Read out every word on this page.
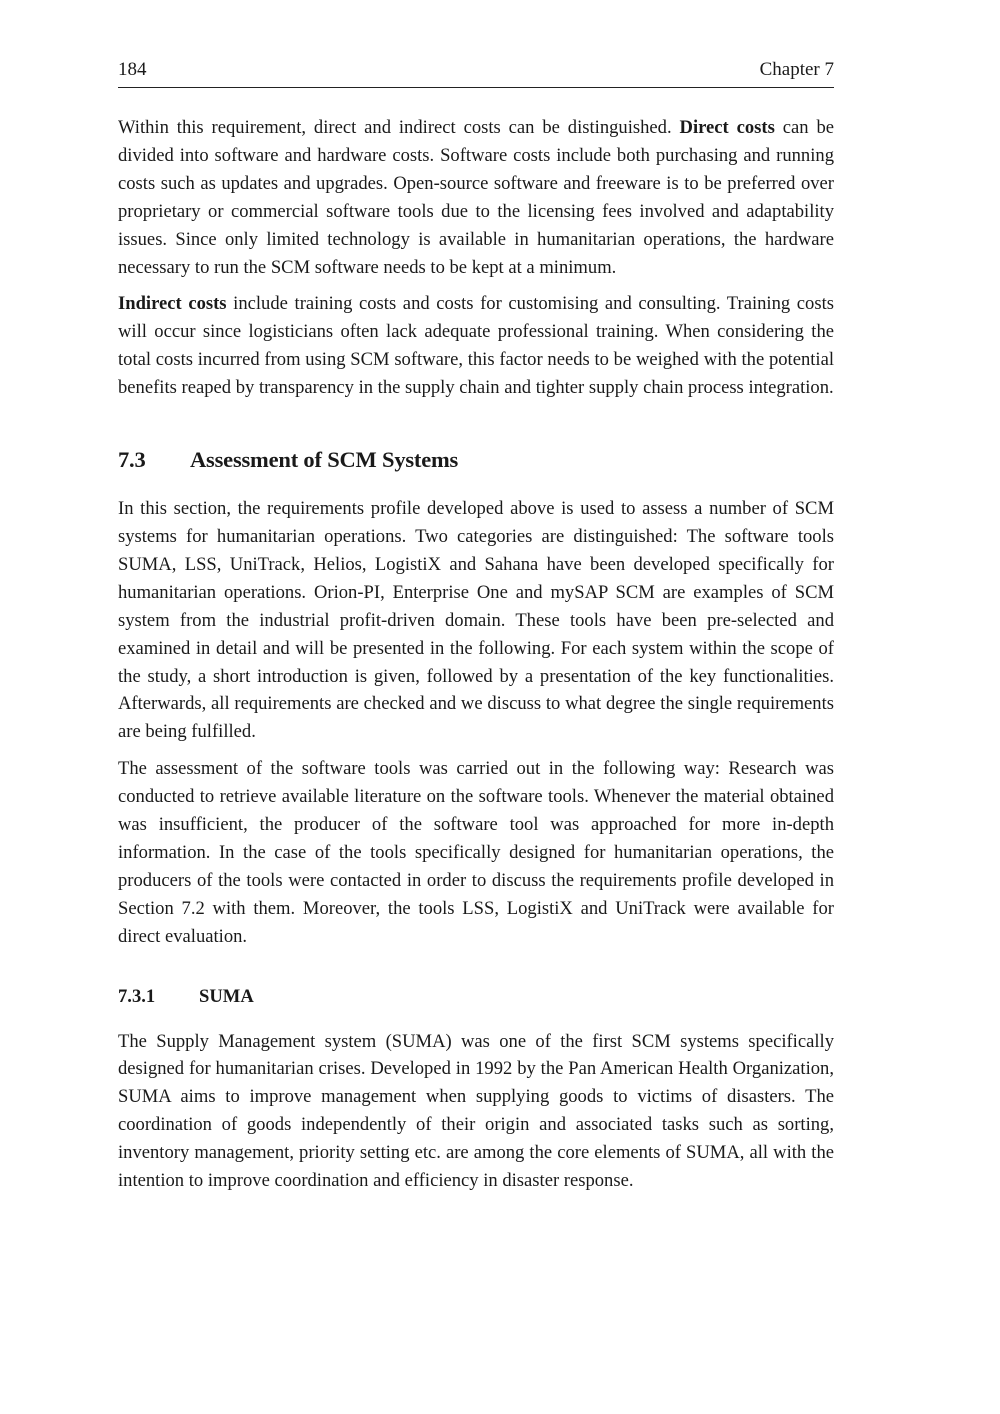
184	Chapter 7

Within this requirement, direct and indirect costs can be distinguished. Direct costs can be divided into software and hardware costs. Software costs include both purchasing and running costs such as updates and upgrades. Open-source software and freeware is to be preferred over proprietary or commercial software tools due to the licensing fees involved and adaptability issues. Since only limited technology is available in humanitarian operations, the hardware necessary to run the SCM software needs to be kept at a minimum.

Indirect costs include training costs and costs for customising and consulting. Training costs will occur since logisticians often lack adequate professional training. When considering the total costs incurred from using SCM software, this factor needs to be weighed with the potential benefits reaped by transparency in the supply chain and tighter supply chain process integration.

7.3	Assessment of SCM Systems

In this section, the requirements profile developed above is used to assess a number of SCM systems for humanitarian operations. Two categories are distinguished: The software tools SUMA, LSS, UniTrack, Helios, LogistiX and Sahana have been developed specifically for humanitarian operations. Orion-PI, Enterprise One and mySAP SCM are examples of SCM system from the industrial profit-driven domain. These tools have been pre-selected and examined in detail and will be presented in the following. For each system within the scope of the study, a short introduction is given, followed by a presentation of the key functionalities. Afterwards, all requirements are checked and we discuss to what degree the single requirements are being fulfilled.

The assessment of the software tools was carried out in the following way: Research was conducted to retrieve available literature on the software tools. Whenever the material obtained was insufficient, the producer of the software tool was approached for more in-depth information. In the case of the tools specifically designed for humanitarian operations, the producers of the tools were contacted in order to discuss the requirements profile developed in Section 7.2 with them. Moreover, the tools LSS, LogistiX and UniTrack were available for direct evaluation.

7.3.1	SUMA

The Supply Management system (SUMA) was one of the first SCM systems specifically designed for humanitarian crises. Developed in 1992 by the Pan American Health Organization, SUMA aims to improve management when supplying goods to victims of disasters. The coordination of goods independently of their origin and associated tasks such as sorting, inventory management, priority setting etc. are among the core elements of SUMA, all with the intention to improve coordination and efficiency in disaster response.
